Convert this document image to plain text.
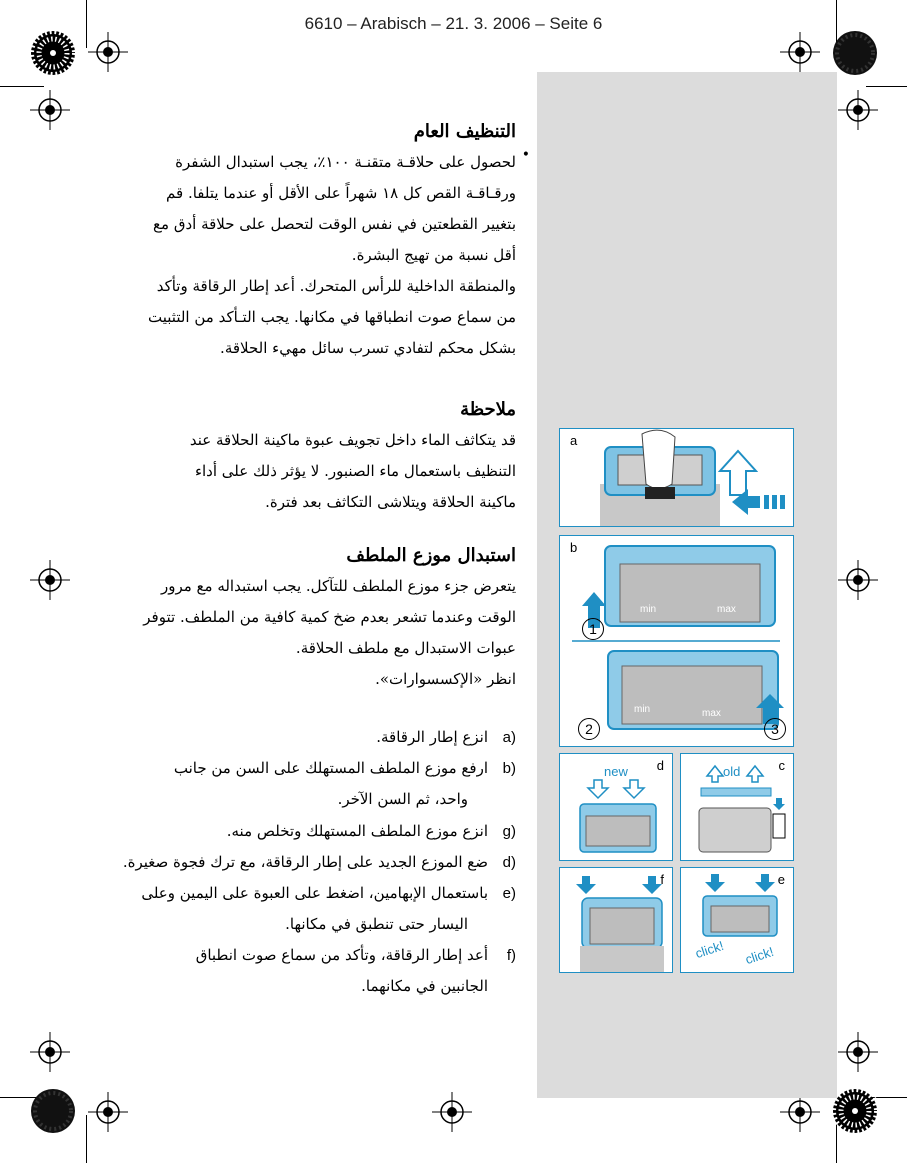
6610 – Arabisch – 21. 3. 2006 – Seite 6
التنظيف العام
•
لحصول على حلاقـة متقنـة ١٠٠٪، يجب استبدال الشفرة
ورقـاقـة القص كل ١٨ شهراً على الأقل أو عندما يتلفا. قم
بتغيير القطعتين في نفس الوقت لتحصل على حلاقة أدق مع
أقل نسبة من تهيج البشرة.
والمنطقة الداخلية للرأس المتحرك. أعد إطار الرقاقة وتأكد
من سماع صوت انطباقها في مكانها. يجب التـأكد من التثبيت
بشكل محكم لتفادي تسرب سائل مهيء الحلاقة.
ملاحظة
قد يتكاثف الماء داخل تجويف عبوة ماكينة الحلاقة عند
التنظيف باستعمال ماء الصنبور. لا يؤثر ذلك على أداء
ماكينة الحلاقة ويتلاشى التكاثف بعد فترة.
استبدال موزع الملطف
يتعرض جزء موزع الملطف للتآكل. يجب استبداله مع مرور
الوقت وعندما تشعر بعدم ضخ كمية كافية من الملطف. تتوفر
عبوات الاستبدال مع ملطف الحلاقة.
انظر «الإكسسوارات».
a)
انزع إطار الرقاقة.
b)
ارفع موزع الملطف المستهلك على السن من جانب
واحد، ثم السن الآخر.
g)
انزع موزع الملطف المستهلك وتخلص منه.
d)
ضع الموزع الجديد على إطار الرقاقة، مع ترك فجوة صغيرة.
e)
باستعمال الإبهامين، اضغط على العبوة على اليمين وعلى
اليسار حتى تنطبق في مكانها.
f)
أعد إطار الرقاقة، وتأكد من سماع صوت انطباق
الجانبين في مكانهما.
a
b
min	max
min	max
1
2	3
d
new	c
old
f	e
click! click!
